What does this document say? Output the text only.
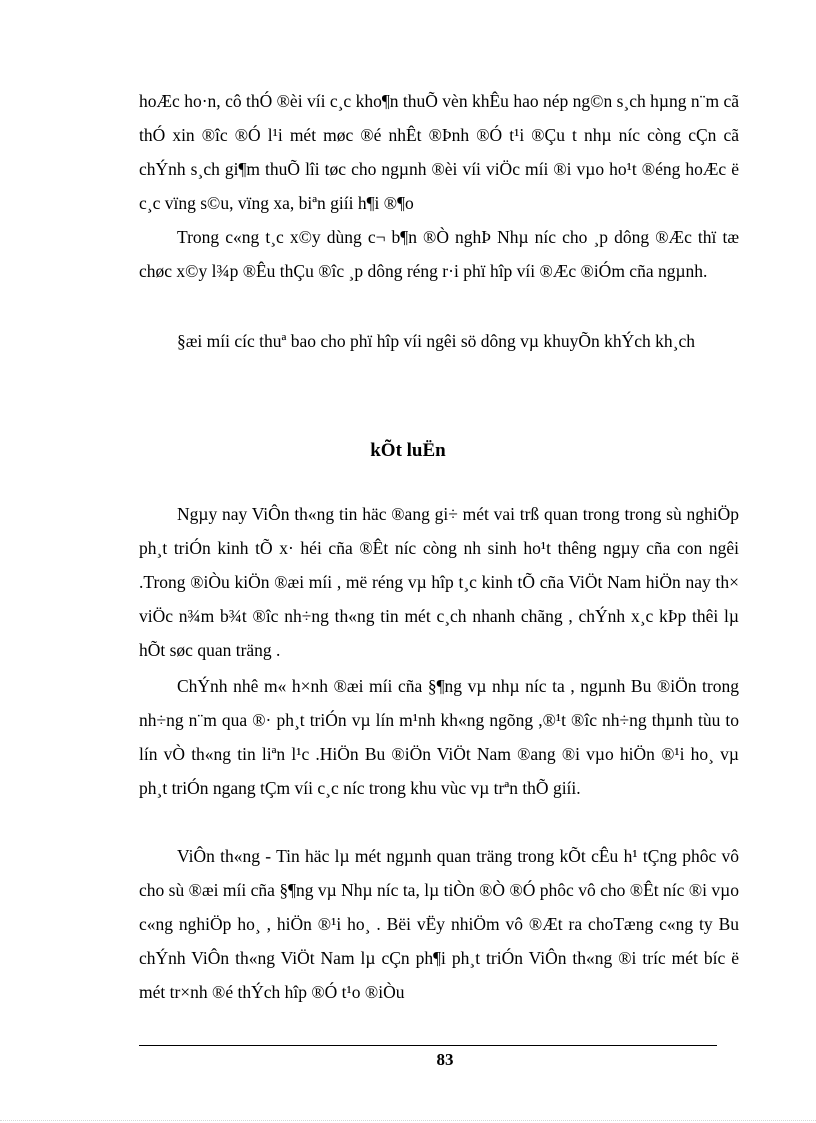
hoÆc ho·n, cô thÓ ®èi víi c¸c kho¶n thuÕ vèn khÊu hao nép ng©n s¸ch hµng n¨m cã thÓ xin ®îc ®Ó l¹i mét møc ®é nhÊt ®Þnh ®Ó t¹i ®Çu t nhµ níc còng cÇn cã chÝnh s¸ch gi¶m thuÕ lîi tøc cho ngµnh ®èi víi viÖc míi ®i vµo ho¹t ®éng hoÆc ë c¸c vïng s©u, vïng xa, biªn giíi h¶i ®¶o
Trong c«ng t¸c x©y dùng c¬ b¶n ®Ò nghÞ Nhµ níc cho ¸p dông ®Æc thï tæ chøc x©y l¾p ®Êu thÇu ®îc ¸p dông réng r·i phï hîp víi ®Æc ®iÓm cña ngµnh.
§æi míi cíc thuª bao cho phï hîp víi ngêi sö dông vµ khuyÕn khÝch kh¸ch
kÕt luËn
Ngµy nay ViÔn th«ng tin häc ®ang gi÷ mét vai trß quan trong trong sù nghiÖp ph¸t triÓn kinh tÕ x· héi cña ®Êt níc còng nh sinh ho¹t thêng ngµy cña con ngêi .Trong ®iÒu kiÖn ®æi míi , më réng vµ hîp t¸c kinh tÕ cña ViÖt Nam hiÖn nay th× viÖc n¾m b¾t ®îc nh÷ng th«ng tin mét c¸ch nhanh chãng , chÝnh x¸c kÞp thêi lµ hÕt søc quan träng .
ChÝnh nhê m« h×nh ®æi míi cña §¶ng vµ nhµ níc ta , ngµnh Bu ®iÖn trong nh÷ng n¨m qua ®· ph¸t triÓn vµ lín m¹nh kh«ng ngõng ,®¹t ®îc nh÷ng thµnh tùu to lín vÒ th«ng tin liªn l¹c .HiÖn Bu ®iÖn ViÖt Nam ®ang ®i vµo hiÖn ®¹i ho¸ vµ ph¸t triÓn ngang tÇm víi c¸c níc trong khu vùc vµ trªn thÕ giíi.
ViÔn th«ng - Tin häc lµ mét ngµnh quan träng trong kÕt cÊu h¹ tÇng phôc vô cho sù ®æi míi cña §¶ng vµ Nhµ níc ta, lµ tiÒn ®Ò ®Ó phôc vô cho ®Êt níc ®i vµo c«ng nghiÖp ho¸ , hiÖn ®¹i ho¸ . Bëi vËy nhiÖm vô ®Æt ra choTæng c«ng ty Bu chÝnh ViÔn th«ng ViÖt Nam lµ cÇn ph¶i ph¸t triÓn ViÔn th«ng ®i tríc mét bíc ë mét tr×nh ®é thÝch hîp ®Ó t¹o ®iÒu
83
